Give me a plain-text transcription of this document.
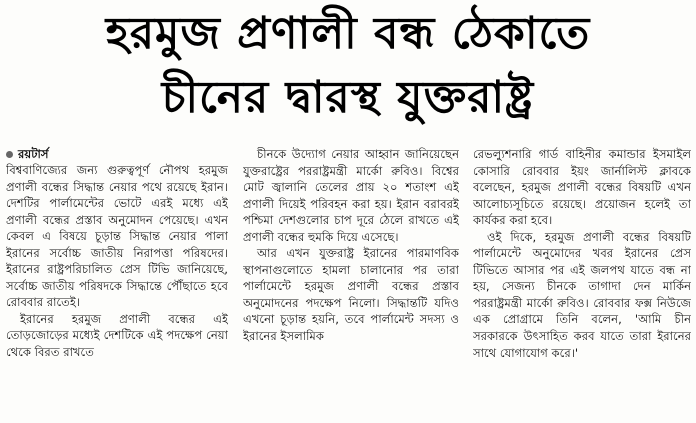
হরমুজ প্রণালী বন্ধ ঠেকাতে
চীনের দ্বারস্থ যুক্তরাষ্ট্র
রয়টার্স

বিশ্ববাণিজ্যের জন্য গুরুত্বপূর্ণ নৌপথ হরমুজ প্রণালী বন্ধের সিদ্ধান্ত নেয়ার পথে রয়েছে ইরান। দেশটির পার্লামেন্টের ভোটে এরই মধ্যে এই প্রণালী বন্ধের প্রস্তাব অনুমোদন পেয়েছে। এখন কেবল এ বিষয়ে চূড়ান্ত সিদ্ধান্ত নেয়ার পালা ইরানের সর্বোচ্চ জাতীয় নিরাপত্তা পরিষদের। ইরানের রাষ্ট্রপরিচালিত প্রেস টিভি জানিয়েছে, সর্বোচ্চ জাতীয় পরিষদকে সিদ্ধান্তে পৌঁছাতে হবে রোববার রাতেই।

ইরানের হরমুজ প্রণালী বন্ধের এই তোড়জোড়ের মধ্যেই দেশটিকে এই পদক্ষেপ নেয়া থেকে বিরত রাখতে

চীনকে উদ্যোগ নেয়ার আহ্বান জানিয়েছেন যুক্তরাষ্ট্রের পররাষ্ট্রমন্ত্রী মার্কো রুবিও। বিশ্বের মোট জ্বালানি তেলের প্রায় ২০ শতাংশ এই প্রণালী দিয়েই পরিবহন করা হয়। ইরান বরাবরই পশ্চিমা দেশগুলোর চাপ দূরে ঠেলে রাখতে এই প্রণালী বন্ধের হুমকি দিয়ে এসেছে।

আর এখন যুক্তরাষ্ট্র ইরানের পারমাণবিক স্থাপনাগুলোতে হামলা চালানোর পর তারা পার্লামেন্টে হরমুজ প্রণালী বন্ধের প্রস্তাব অনুমোদনের পদক্ষেপ নিলো। সিদ্ধান্তটি যদিও এখনো চূড়ান্ত হয়নি, তবে পার্লামেন্ট সদস্য ও ইরানের ইসলামিক

রেভল্যুশনারি গার্ড বাহিনীর কমান্ডার ইসমাইল কোসারি রোববার ইয়ং জার্নালিস্ট ক্লাবকে বলেছেন, হরমুজ প্রণালী বন্ধের বিষয়টি এখন আলোচ্যসূচিতে রয়েছে। প্রয়োজন হলেই তা কার্যকর করা হবে।

ওই দিকে, হরমুজ প্রণালী বন্ধের বিষয়টি পার্লামেন্টে অনুমোদের খবর ইরানের প্রেস টিভিতে আসার পর এই জলপথ যাতে বন্ধ না হয়, সেজন্য চীনকে তাগাদা দেন মার্কিন পররাষ্ট্রমন্ত্রী মার্কো রুবিও। রোববার ফক্স নিউজে এক প্রোগ্রামে তিনি বলেন, 'আমি চীন সরকারকে উৎসাহিত করব যাতে তারা ইরানের সাথে যোগাযোগ করে।'
